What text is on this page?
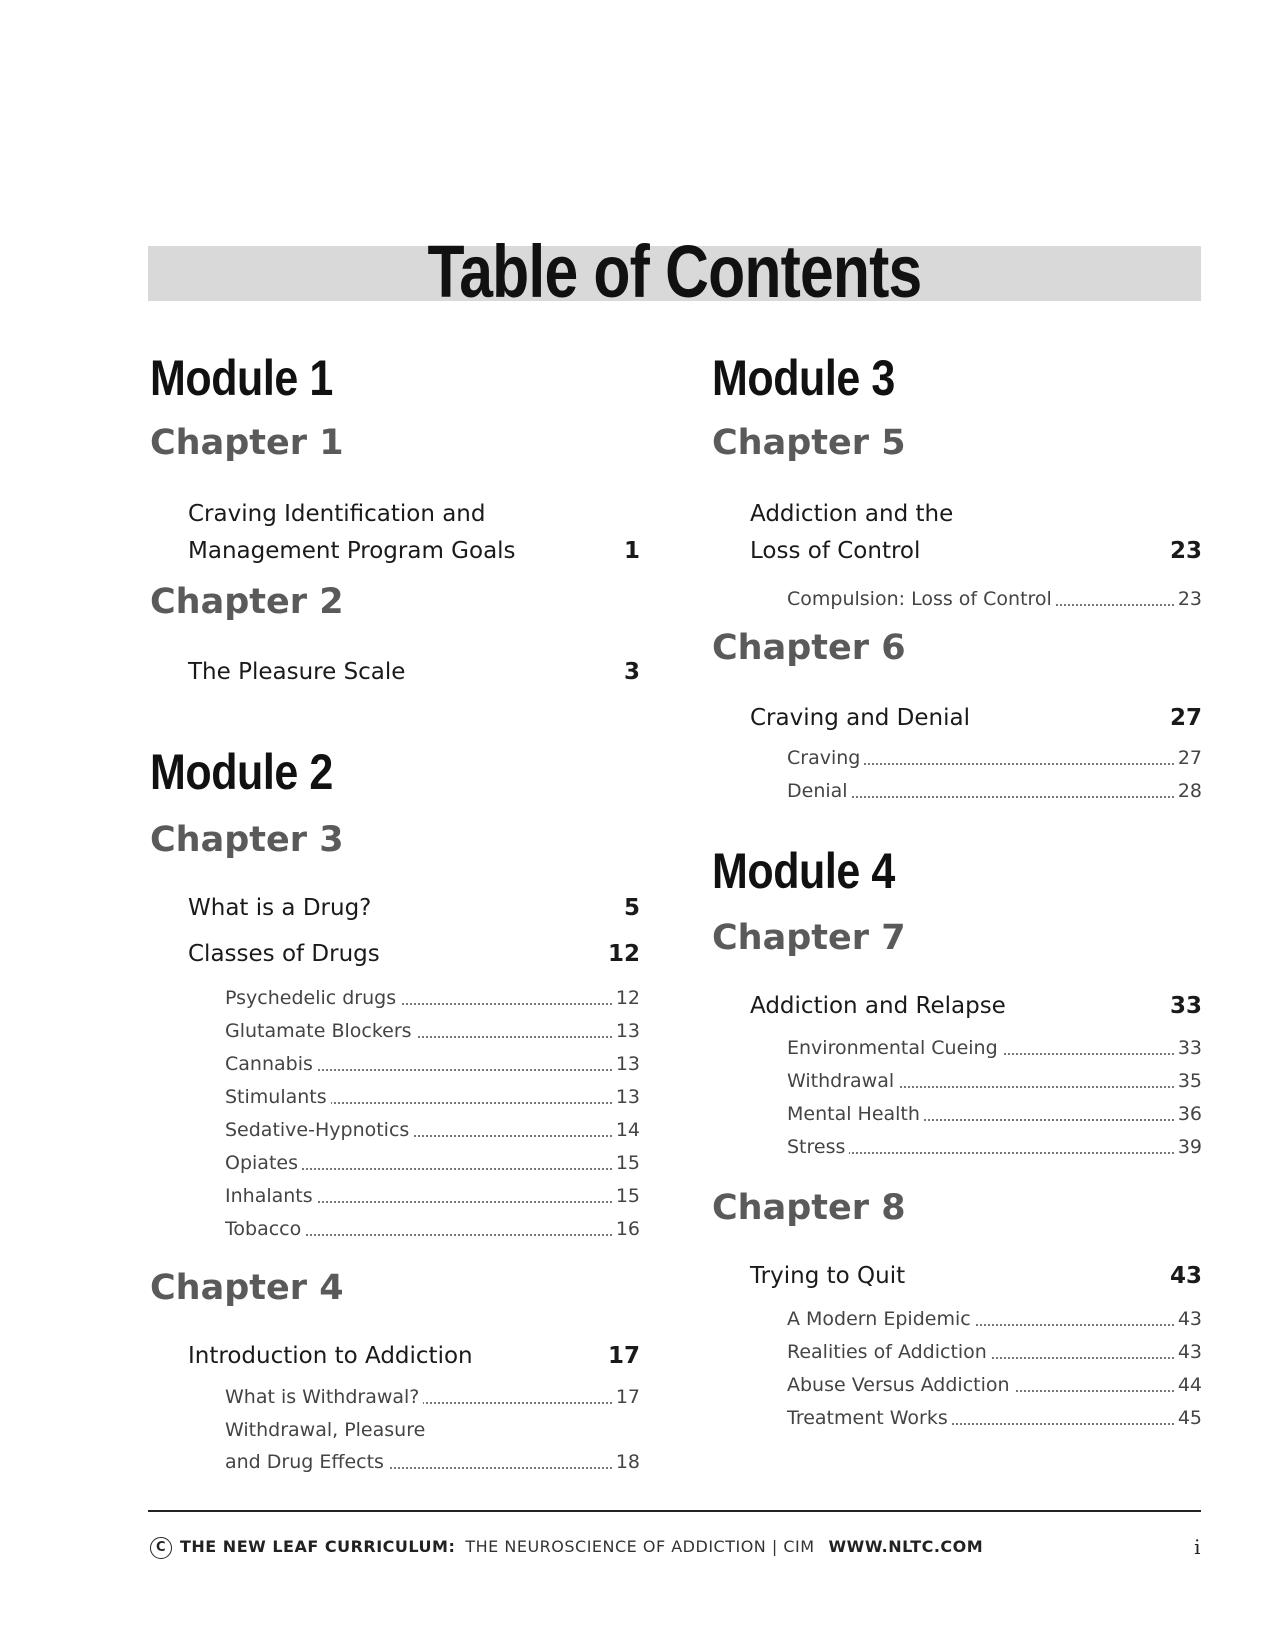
Table of Contents
Module 1
Chapter 1
Craving Identification and
Management Program Goals	1
Chapter 2
The Pleasure Scale	3
Module 2
Chapter 3
What is a Drug?	5
Classes of Drugs	12
Psychedelic drugs	12
Glutamate Blockers	13
Cannabis	13
Stimulants	13
Sedative-Hypnotics	14
Opiates	15
Inhalants	15
Tobacco	16
Chapter 4
Introduction to Addiction	17
What is Withdrawal?	17
Withdrawal, Pleasure
and Drug Effects	18
Module 3
Chapter 5
Addiction and the
Loss of Control	23
Compulsion: Loss of Control	23
Chapter 6
Craving and Denial	27
Craving	27
Denial	28
Module 4
Chapter 7
Addiction and Relapse	33
Environmental Cueing	33
Withdrawal	35
Mental Health	36
Stress	39
Chapter 8
Trying to Quit	43
A Modern Epidemic	43
Realities of Addiction	43
Abuse Versus Addiction	44
Treatment Works	45
C THE NEW LEAF CURRICULUM: THE NEUROSCIENCE OF ADDICTION | CIM WWW.NLTC.COM	i
